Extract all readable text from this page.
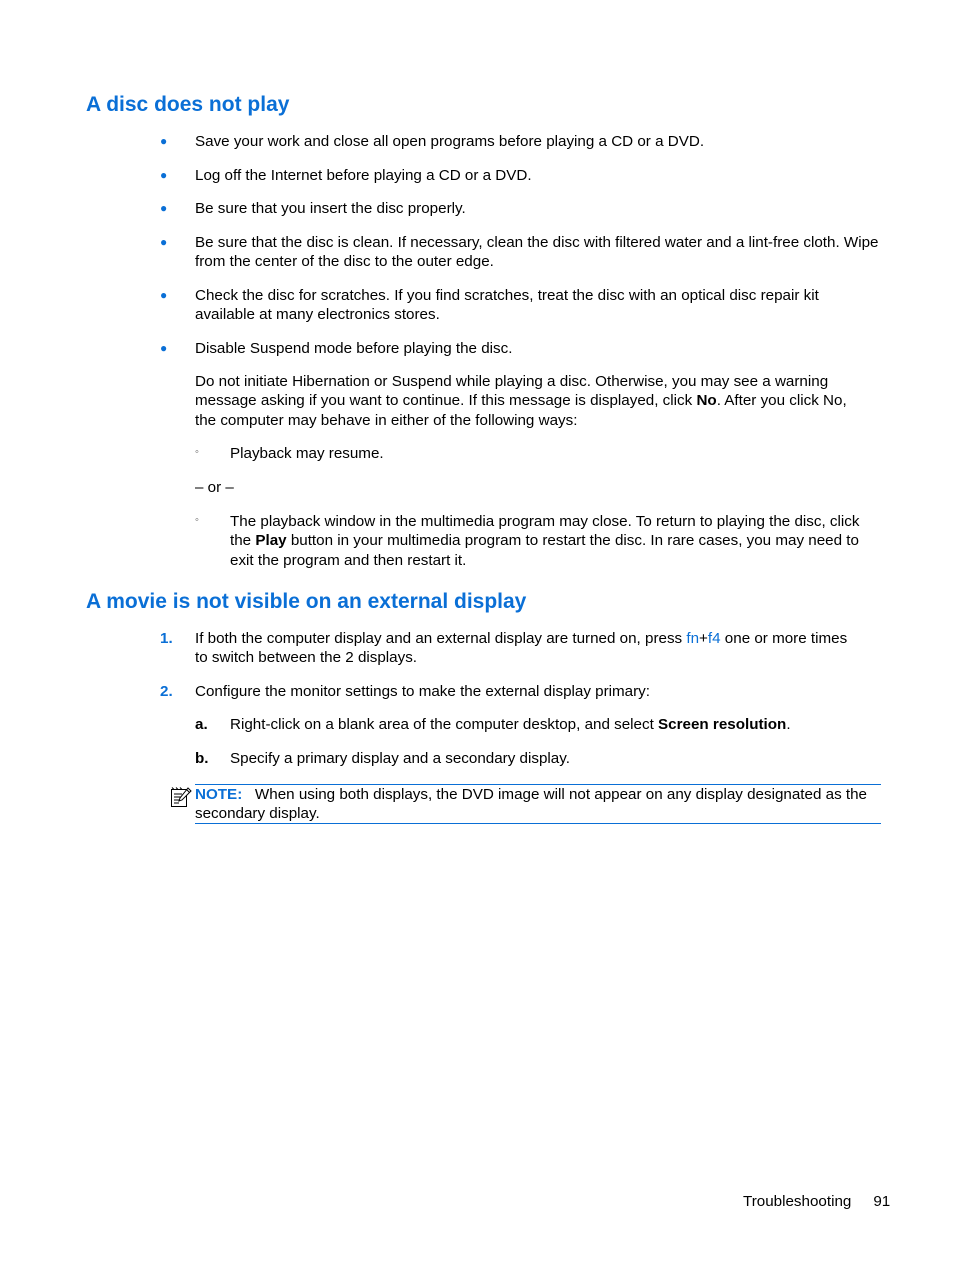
A disc does not play
●	Save your work and close all open programs before playing a CD or a DVD.
●	Log off the Internet before playing a CD or a DVD.
●	Be sure that you insert the disc properly.
●	Be sure that the disc is clean. If necessary, clean the disc with filtered water and a lint-free cloth. Wipe from the center of the disc to the outer edge.
●	Check the disc for scratches. If you find scratches, treat the disc with an optical disc repair kit available at many electronics stores.
●	Disable Suspend mode before playing the disc.
Do not initiate Hibernation or Suspend while playing a disc. Otherwise, you may see a warning message asking if you want to continue. If this message is displayed, click No. After you click No, the computer may behave in either of the following ways:
◦ Playback may resume.
– or –
◦ The playback window in the multimedia program may close. To return to playing the disc, click the Play button in your multimedia program to restart the disc. In rare cases, you may need to exit the program and then restart it.
A movie is not visible on an external display
1. If both the computer display and an external display are turned on, press fn+f4 one or more times to switch between the 2 displays.
2. Configure the monitor settings to make the external display primary:
a. Right-click on a blank area of the computer desktop, and select Screen resolution.
b. Specify a primary display and a secondary display.
NOTE: When using both displays, the DVD image will not appear on any display designated as the secondary display.
Troubleshooting 91
